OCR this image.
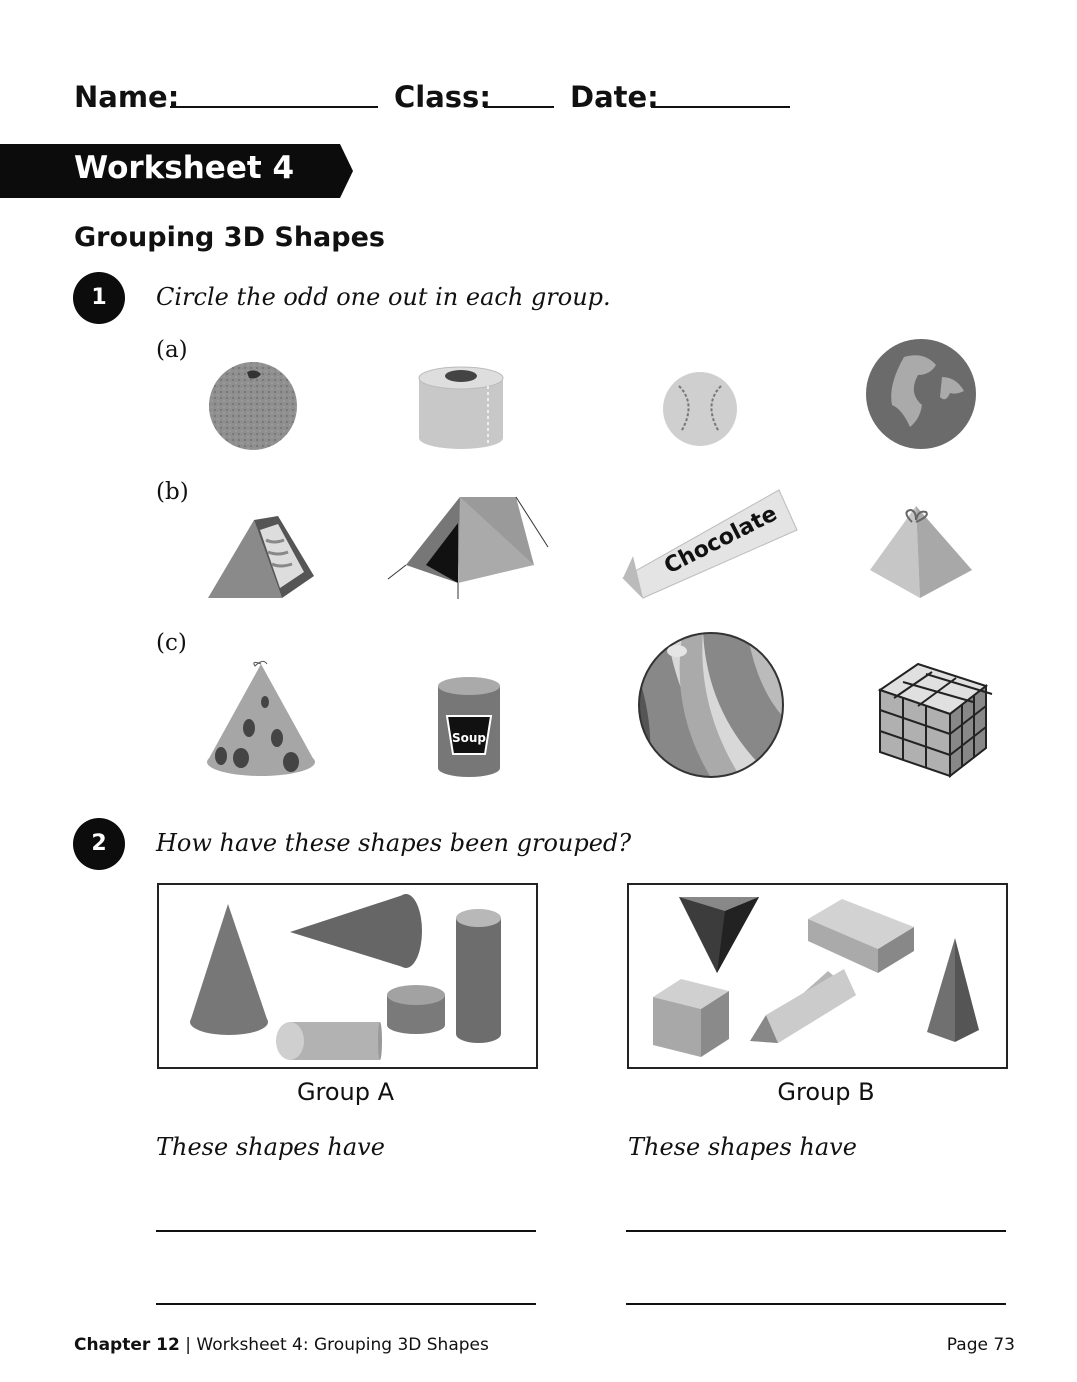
Name:	Class:	Date:
Worksheet 4
Grouping 3D Shapes
1	Circle the odd one out in each group.
(a)
(b)
(c)
Chocolate
Soup
2	How have these shapes been grouped?
Group A	Group B
These shapes have	These shapes have
Chapter 12 | Worksheet 4: Grouping 3D Shapes	Page 73
